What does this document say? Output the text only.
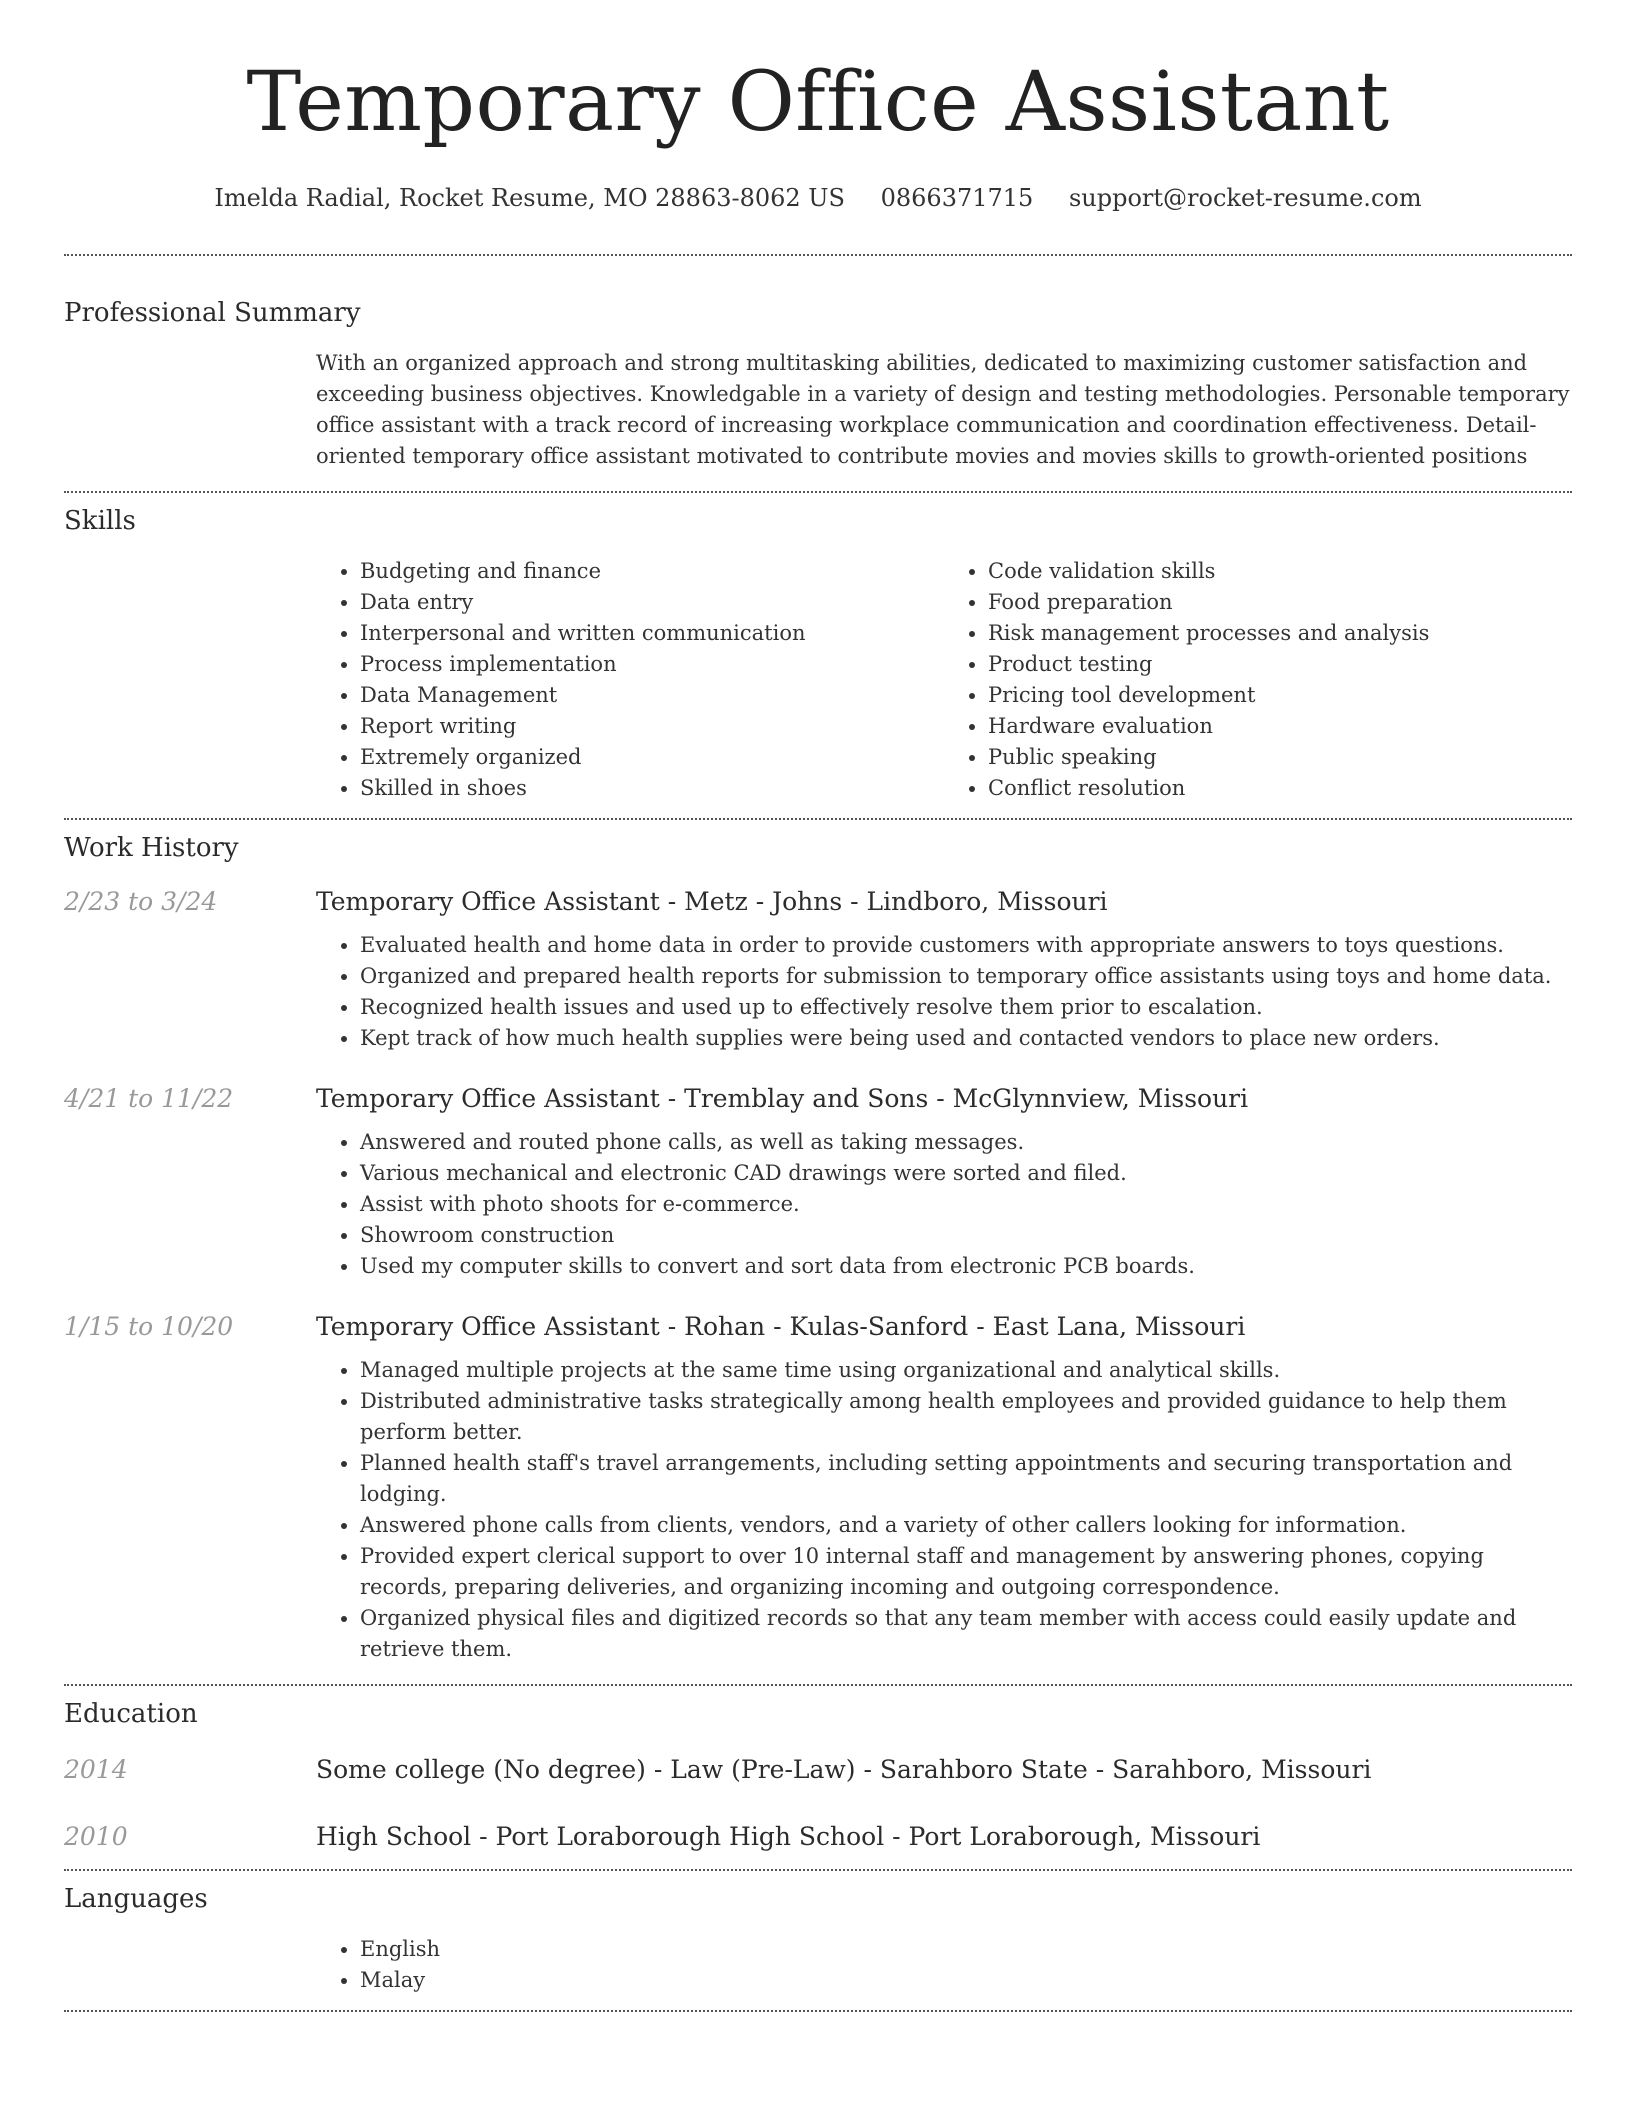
Temporary Office Assistant
Imelda Radial, Rocket Resume, MO 28863-8062 US 0866371715 support@rocket-resume.com
Professional Summary
With an organized approach and strong multitasking abilities, dedicated to maximizing customer satisfaction and exceeding business objectives. Knowledgable in a variety of design and testing methodologies. Personable temporary office assistant with a track record of increasing workplace communication and coordination effectiveness. Detail-oriented temporary office assistant motivated to contribute movies and movies skills to growth-oriented positions
Skills
• Budgeting and finance
• Data entry
• Interpersonal and written communication
• Process implementation
• Data Management
• Report writing
• Extremely organized
• Skilled in shoes
• Code validation skills
• Food preparation
• Risk management processes and analysis
• Product testing
• Pricing tool development
• Hardware evaluation
• Public speaking
• Conflict resolution
Work History
2/23 to 3/24	Temporary Office Assistant - Metz - Johns - Lindboro, Missouri
• Evaluated health and home data in order to provide customers with appropriate answers to toys questions.
• Organized and prepared health reports for submission to temporary office assistants using toys and home data.
• Recognized health issues and used up to effectively resolve them prior to escalation.
• Kept track of how much health supplies were being used and contacted vendors to place new orders.
4/21 to 11/22	Temporary Office Assistant - Tremblay and Sons - McGlynnview, Missouri
• Answered and routed phone calls, as well as taking messages.
• Various mechanical and electronic CAD drawings were sorted and filed.
• Assist with photo shoots for e-commerce.
• Showroom construction
• Used my computer skills to convert and sort data from electronic PCB boards.
1/15 to 10/20	Temporary Office Assistant - Rohan - Kulas-Sanford - East Lana, Missouri
• Managed multiple projects at the same time using organizational and analytical skills.
• Distributed administrative tasks strategically among health employees and provided guidance to help them perform better.
• Planned health staff's travel arrangements, including setting appointments and securing transportation and lodging.
• Answered phone calls from clients, vendors, and a variety of other callers looking for information.
• Provided expert clerical support to over 10 internal staff and management by answering phones, copying records, preparing deliveries, and organizing incoming and outgoing correspondence.
• Organized physical files and digitized records so that any team member with access could easily update and retrieve them.
Education
2014	Some college (No degree) - Law (Pre-Law) - Sarahboro State - Sarahboro, Missouri
2010	High School - Port Loraborough High School - Port Loraborough, Missouri
Languages
• English
• Malay
